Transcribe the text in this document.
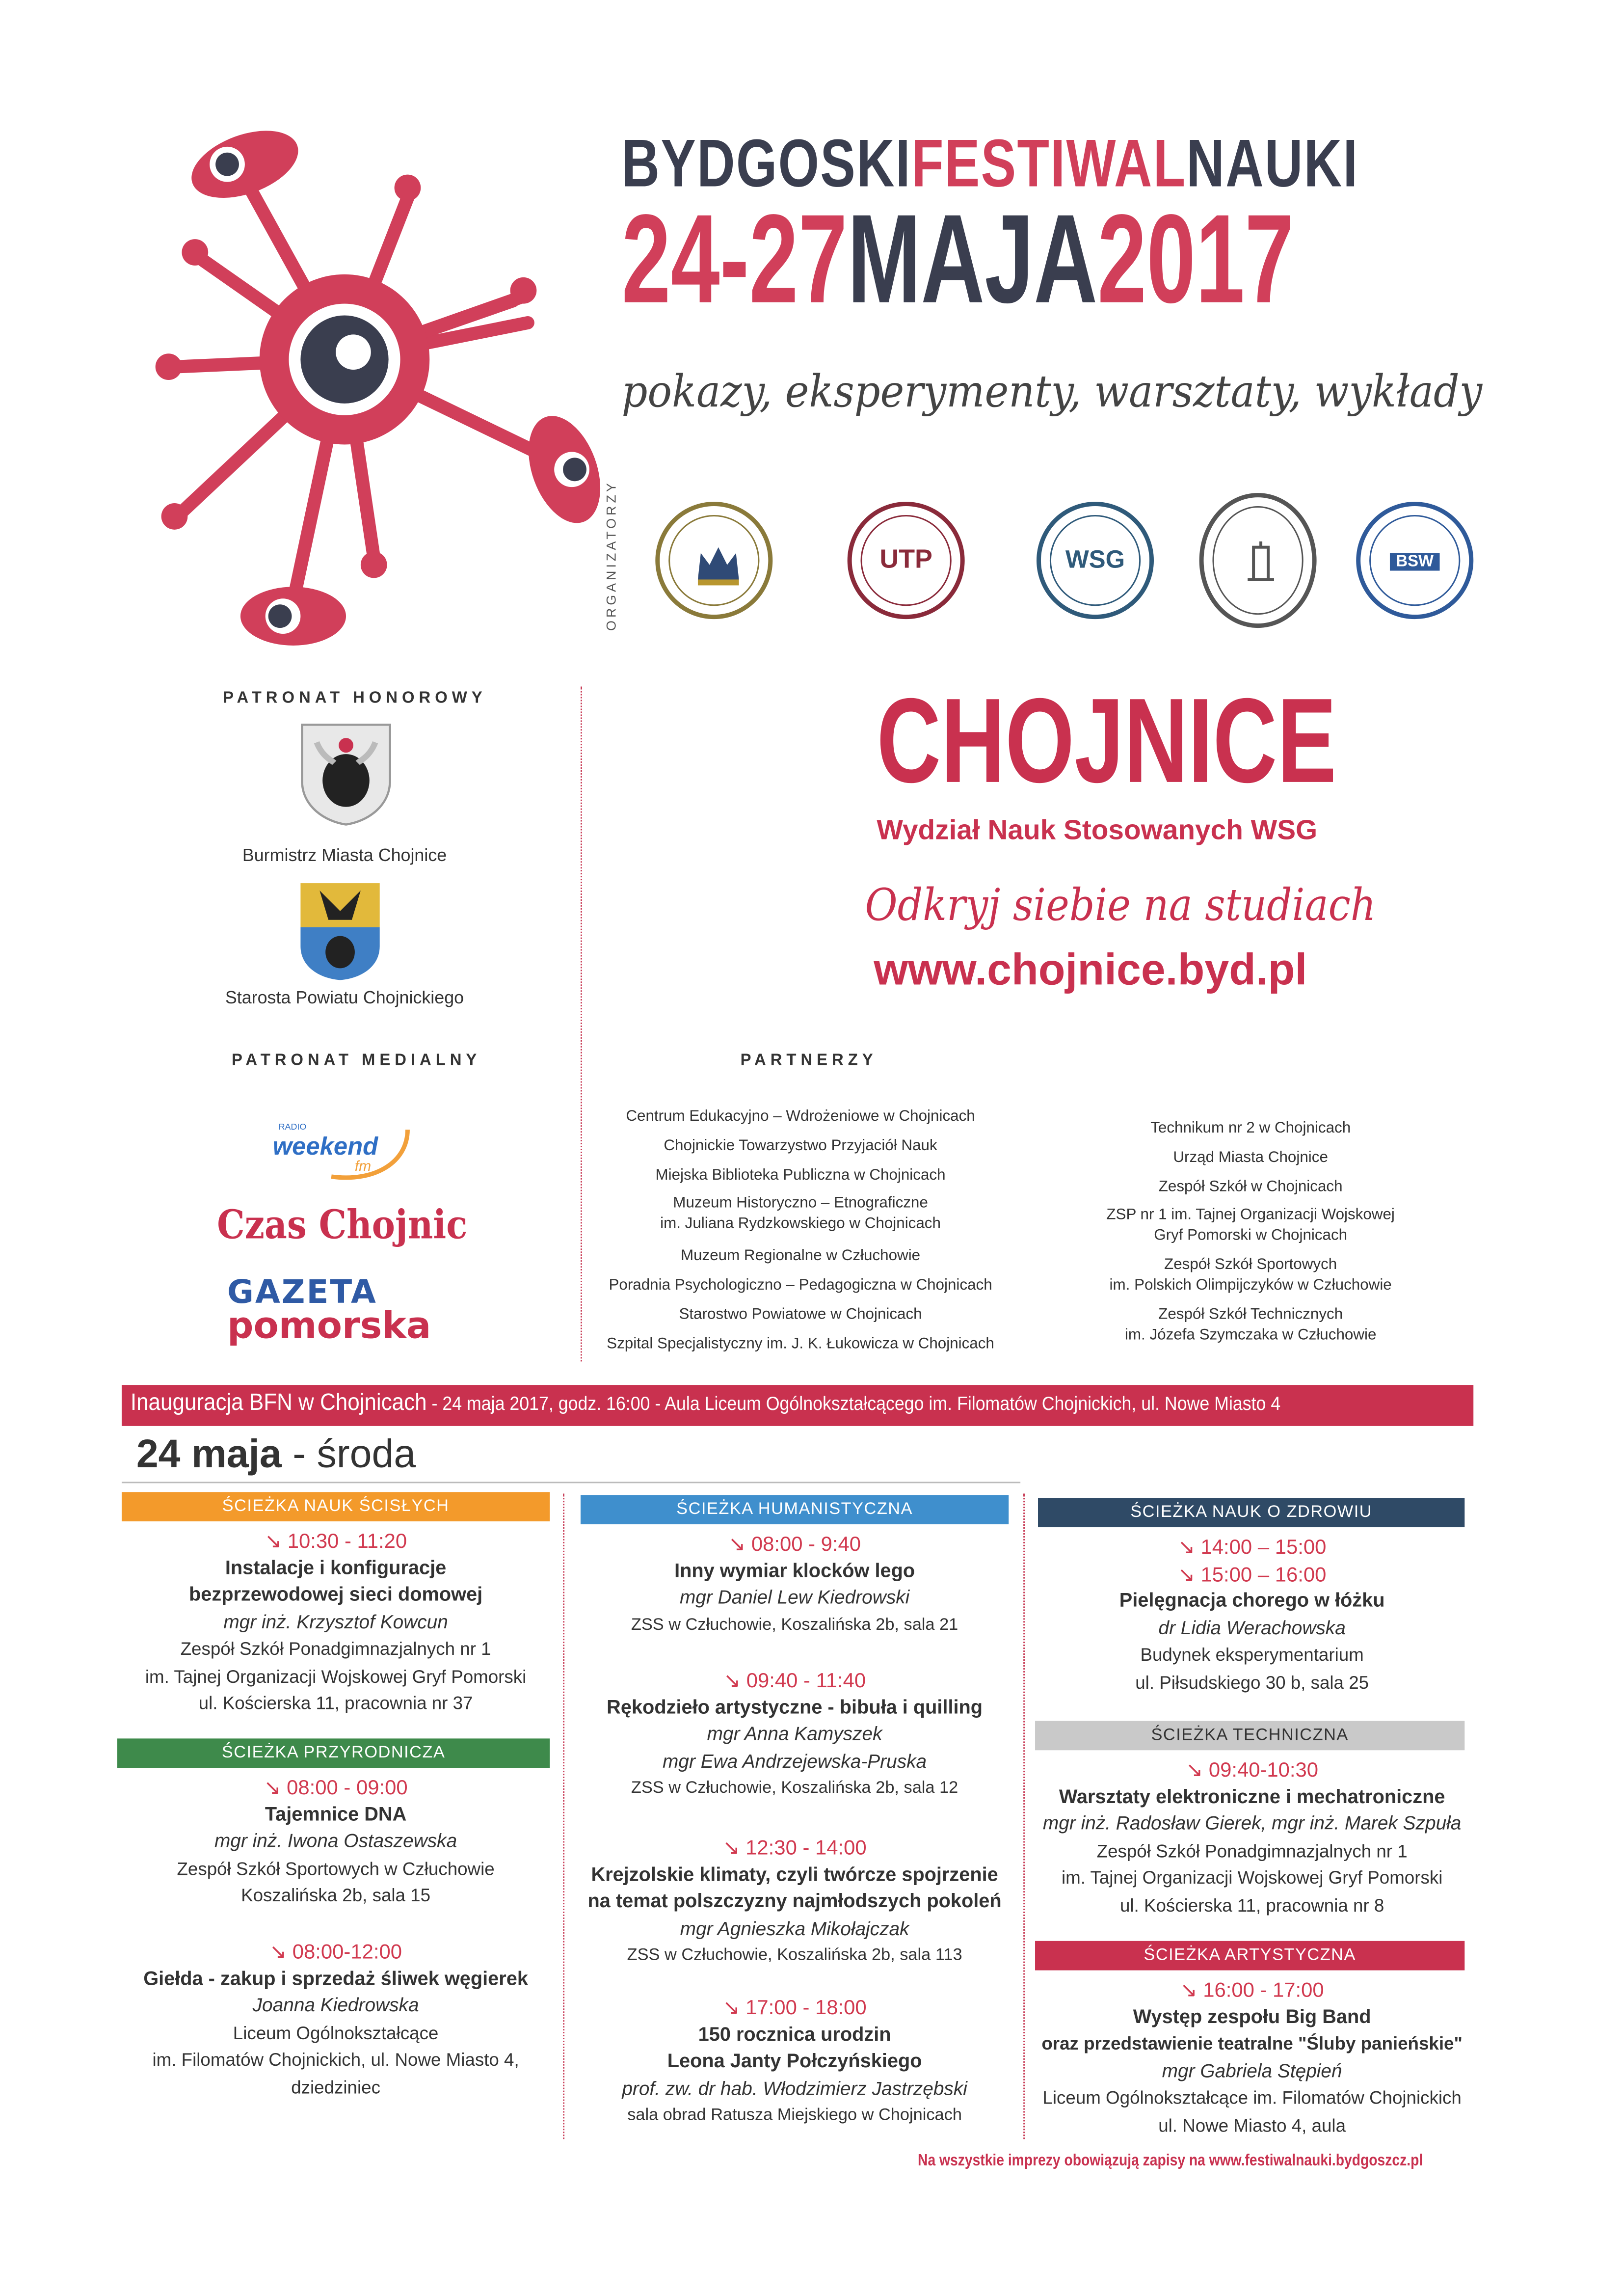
BYDGOSKIFESTIWALNAUKI
24-27MAJA2017
pokazy, eksperymenty, warsztaty, wykłady
ORGANIZATORZY	UTP	WSG	BSW
PATRONAT HONOROWY
Burmistrz Miasta Chojnice
Starosta Powiatu Chojnickiego
PATRONAT MEDIALNY
RADIO
weekend
fm
Czas Chojnic
GAZETA
pomorska
CHOJNICE
Wydział Nauk Stosowanych WSG
Odkryj siebie na studiach
www.chojnice.byd.pl
PARTNERZY
Centrum Edukacyjno – Wdrożeniowe w Chojnicach
Chojnickie Towarzystwo Przyjaciół Nauk
Miejska Biblioteka Publiczna w Chojnicach
Muzeum Historyczno – Etnograficzne
im. Juliana Rydzkowskiego w Chojnicach
Muzeum Regionalne w Człuchowie
Poradnia Psychologiczno – Pedagogiczna w Chojnicach
Starostwo Powiatowe w Chojnicach
Szpital Specjalistyczny im. J. K. Łukowicza w Chojnicach
Technikum nr 2 w Chojnicach
Urząd Miasta Chojnice
Zespół Szkół w Chojnicach
ZSP nr 1 im. Tajnej Organizacji Wojskowej
Gryf Pomorski w Chojnicach
Zespół Szkół Sportowych
im. Polskich Olimpijczyków w Człuchowie
Zespół Szkół Technicznych
im. Józefa Szymczaka w Człuchowie
Inauguracja BFN w Chojnicach - 24 maja 2017, godz. 16:00 - Aula Liceum Ogólnokształcącego im. Filomatów Chojnickich, ul. Nowe Miasto 4
24 maja - środa
ŚCIEŻKA NAUK ŚCISŁYCH
↘ 10:30 - 11:20
Instalacje i konfiguracje
bezprzewodowej sieci domowej
mgr inż. Krzysztof Kowcun
Zespół Szkół Ponadgimnazjalnych nr 1
im. Tajnej Organizacji Wojskowej Gryf Pomorski
ul. Kościerska 11, pracownia nr 37
ŚCIEŻKA PRZYRODNICZA
↘ 08:00 - 09:00
Tajemnice DNA
mgr inż. Iwona Ostaszewska
Zespół Szkół Sportowych w Człuchowie
Koszalińska 2b, sala 15
↘ 08:00-12:00
Giełda - zakup i sprzedaż śliwek węgierek
Joanna Kiedrowska
Liceum Ogólnokształcące
im. Filomatów Chojnickich, ul. Nowe Miasto 4,
dziedziniec
ŚCIEŻKA HUMANISTYCZNA
↘ 08:00 - 9:40
Inny wymiar klocków lego
mgr Daniel Lew Kiedrowski
ZSS w Człuchowie, Koszalińska 2b, sala 21
↘ 09:40 - 11:40
Rękodzieło artystyczne - bibuła i quilling
mgr Anna Kamyszek
mgr Ewa Andrzejewska-Pruska
ZSS w Człuchowie, Koszalińska 2b, sala 12
↘ 12:30 - 14:00
Krejzolskie klimaty, czyli twórcze spojrzenie
na temat polszczyzny najmłodszych pokoleń
mgr Agnieszka Mikołajczak
ZSS w Człuchowie, Koszalińska 2b, sala 113
↘ 17:00 - 18:00
150 rocznica urodzin
Leona Janty Połczyńskiego
prof. zw. dr hab. Włodzimierz Jastrzębski
sala obrad Ratusza Miejskiego w Chojnicach
ŚCIEŻKA NAUK O ZDROWIU
↘ 14:00 – 15:00
↘ 15:00 – 16:00
Pielęgnacja chorego w łóżku
dr Lidia Werachowska
Budynek eksperymentarium
ul. Piłsudskiego 30 b, sala 25
ŚCIEŻKA TECHNICZNA
↘ 09:40-10:30
Warsztaty elektroniczne i mechatroniczne
mgr inż. Radosław Gierek, mgr inż. Marek Szpuła
Zespół Szkół Ponadgimnazjalnych nr 1
im. Tajnej Organizacji Wojskowej Gryf Pomorski
ul. Kościerska 11, pracownia nr 8
ŚCIEŻKA ARTYSTYCZNA
↘ 16:00 - 17:00
Występ zespołu Big Band
oraz przedstawienie teatralne "Śluby panieńskie"
mgr Gabriela Stępień
Liceum Ogólnokształcące im. Filomatów Chojnickich
ul. Nowe Miasto 4, aula
Na wszystkie imprezy obowiązują zapisy na www.festiwalnauki.bydgoszcz.pl
